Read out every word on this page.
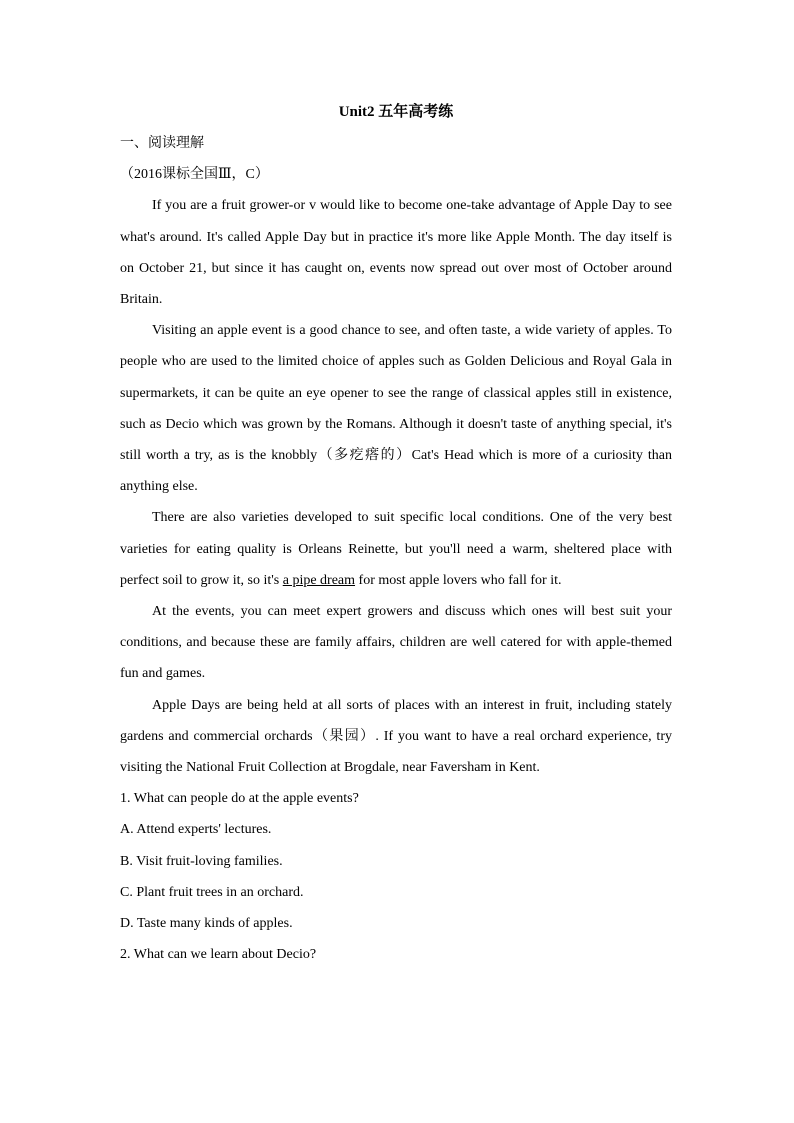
Unit2 五年高考练

一、阅读理解

（2016课标全国Ⅲ，C）

If you are a fruit grower-or v would like to become one-take advantage of Apple Day to see what's around. It's called Apple Day but in practice it's more like Apple Month. The day itself is on October 21, but since it has caught on, events now spread out over most of October around Britain.

Visiting an apple event is a good chance to see, and often taste, a wide variety of apples. To people who are used to the limited choice of apples such as Golden Delicious and Royal Gala in supermarkets, it can be quite an eye opener to see the range of classical apples still in existence, such as Decio which was grown by the Romans. Although it doesn't taste of anything special, it's still worth a try, as is the knobbly（多疙瘩的）Cat's Head which is more of a curiosity than anything else.

There are also varieties developed to suit specific local conditions. One of the very best varieties for eating quality is Orleans Reinette, but you'll need a warm, sheltered place with perfect soil to grow it, so it's a pipe dream for most apple lovers who fall for it.

At the events, you can meet expert growers and discuss which ones will best suit your conditions, and because these are family affairs, children are well catered for with apple-themed fun and games.

Apple Days are being held at all sorts of places with an interest in fruit, including stately gardens and commercial orchards（果园）. If you want to have a real orchard experience, try visiting the National Fruit Collection at Brogdale, near Faversham in Kent.

1. What can people do at the apple events?

A. Attend experts' lectures.

B. Visit fruit-loving families.

C. Plant fruit trees in an orchard.

D. Taste many kinds of apples.

2. What can we learn about Decio?
